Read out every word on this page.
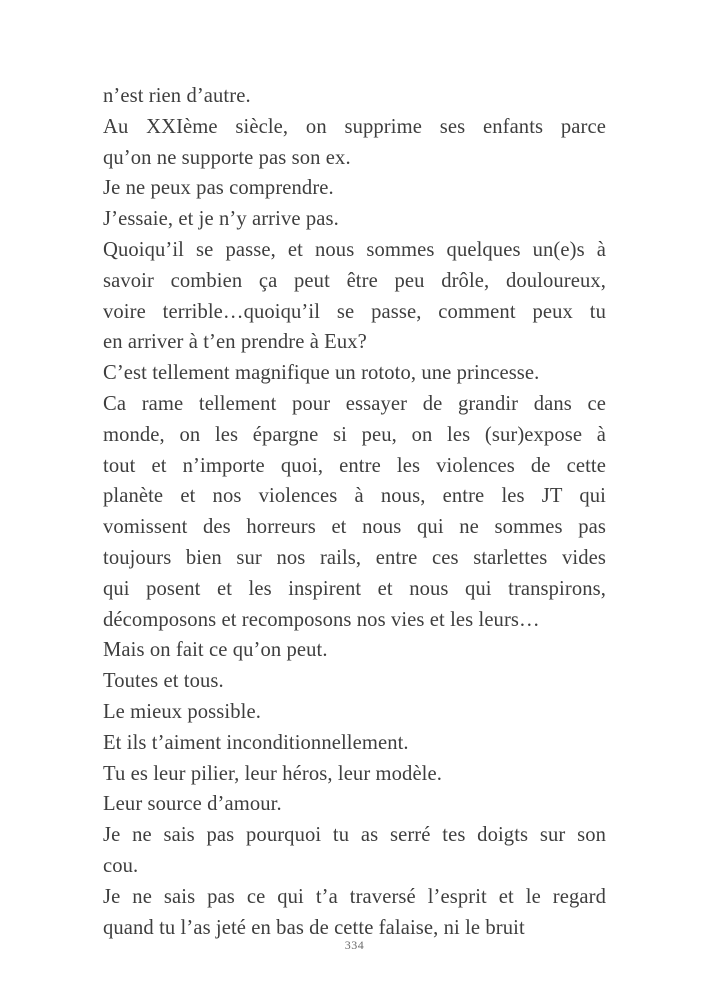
n’est rien d’autre.

Au XXIème siècle, on supprime ses enfants parce
qu’on ne supporte pas son ex.

Je ne peux pas comprendre.

J’essaie, et je n’y arrive pas.

Quoiqu’il se passe, et nous sommes quelques un(e)s à
savoir combien ça peut être peu drôle, douloureux,
voire terrible…quoiqu’il se passe, comment peux tu
en arriver à t’en prendre à Eux?

C’est tellement magnifique un rototo, une princesse.

Ca rame tellement pour essayer de grandir dans ce
monde, on les épargne si peu, on les (sur)expose à
tout et n’importe quoi, entre les violences de cette
planète et nos violences à nous, entre les JT qui
vomissent des horreurs et nous qui ne sommes pas
toujours bien sur nos rails, entre ces starlettes vides
qui posent et les inspirent et nous qui transpirons,
décomposons et recomposons nos vies et les leurs…

Mais on fait ce qu’on peut.

Toutes et tous.

Le mieux possible.

Et ils t’aiment inconditionnellement.

Tu es leur pilier, leur héros, leur modèle.

Leur source d’amour.

Je ne sais pas pourquoi tu as serré tes doigts sur son
cou.

Je ne sais pas ce qui t’a traversé l’esprit et le regard
quand tu l’as jeté en bas de cette falaise, ni le bruit

334
